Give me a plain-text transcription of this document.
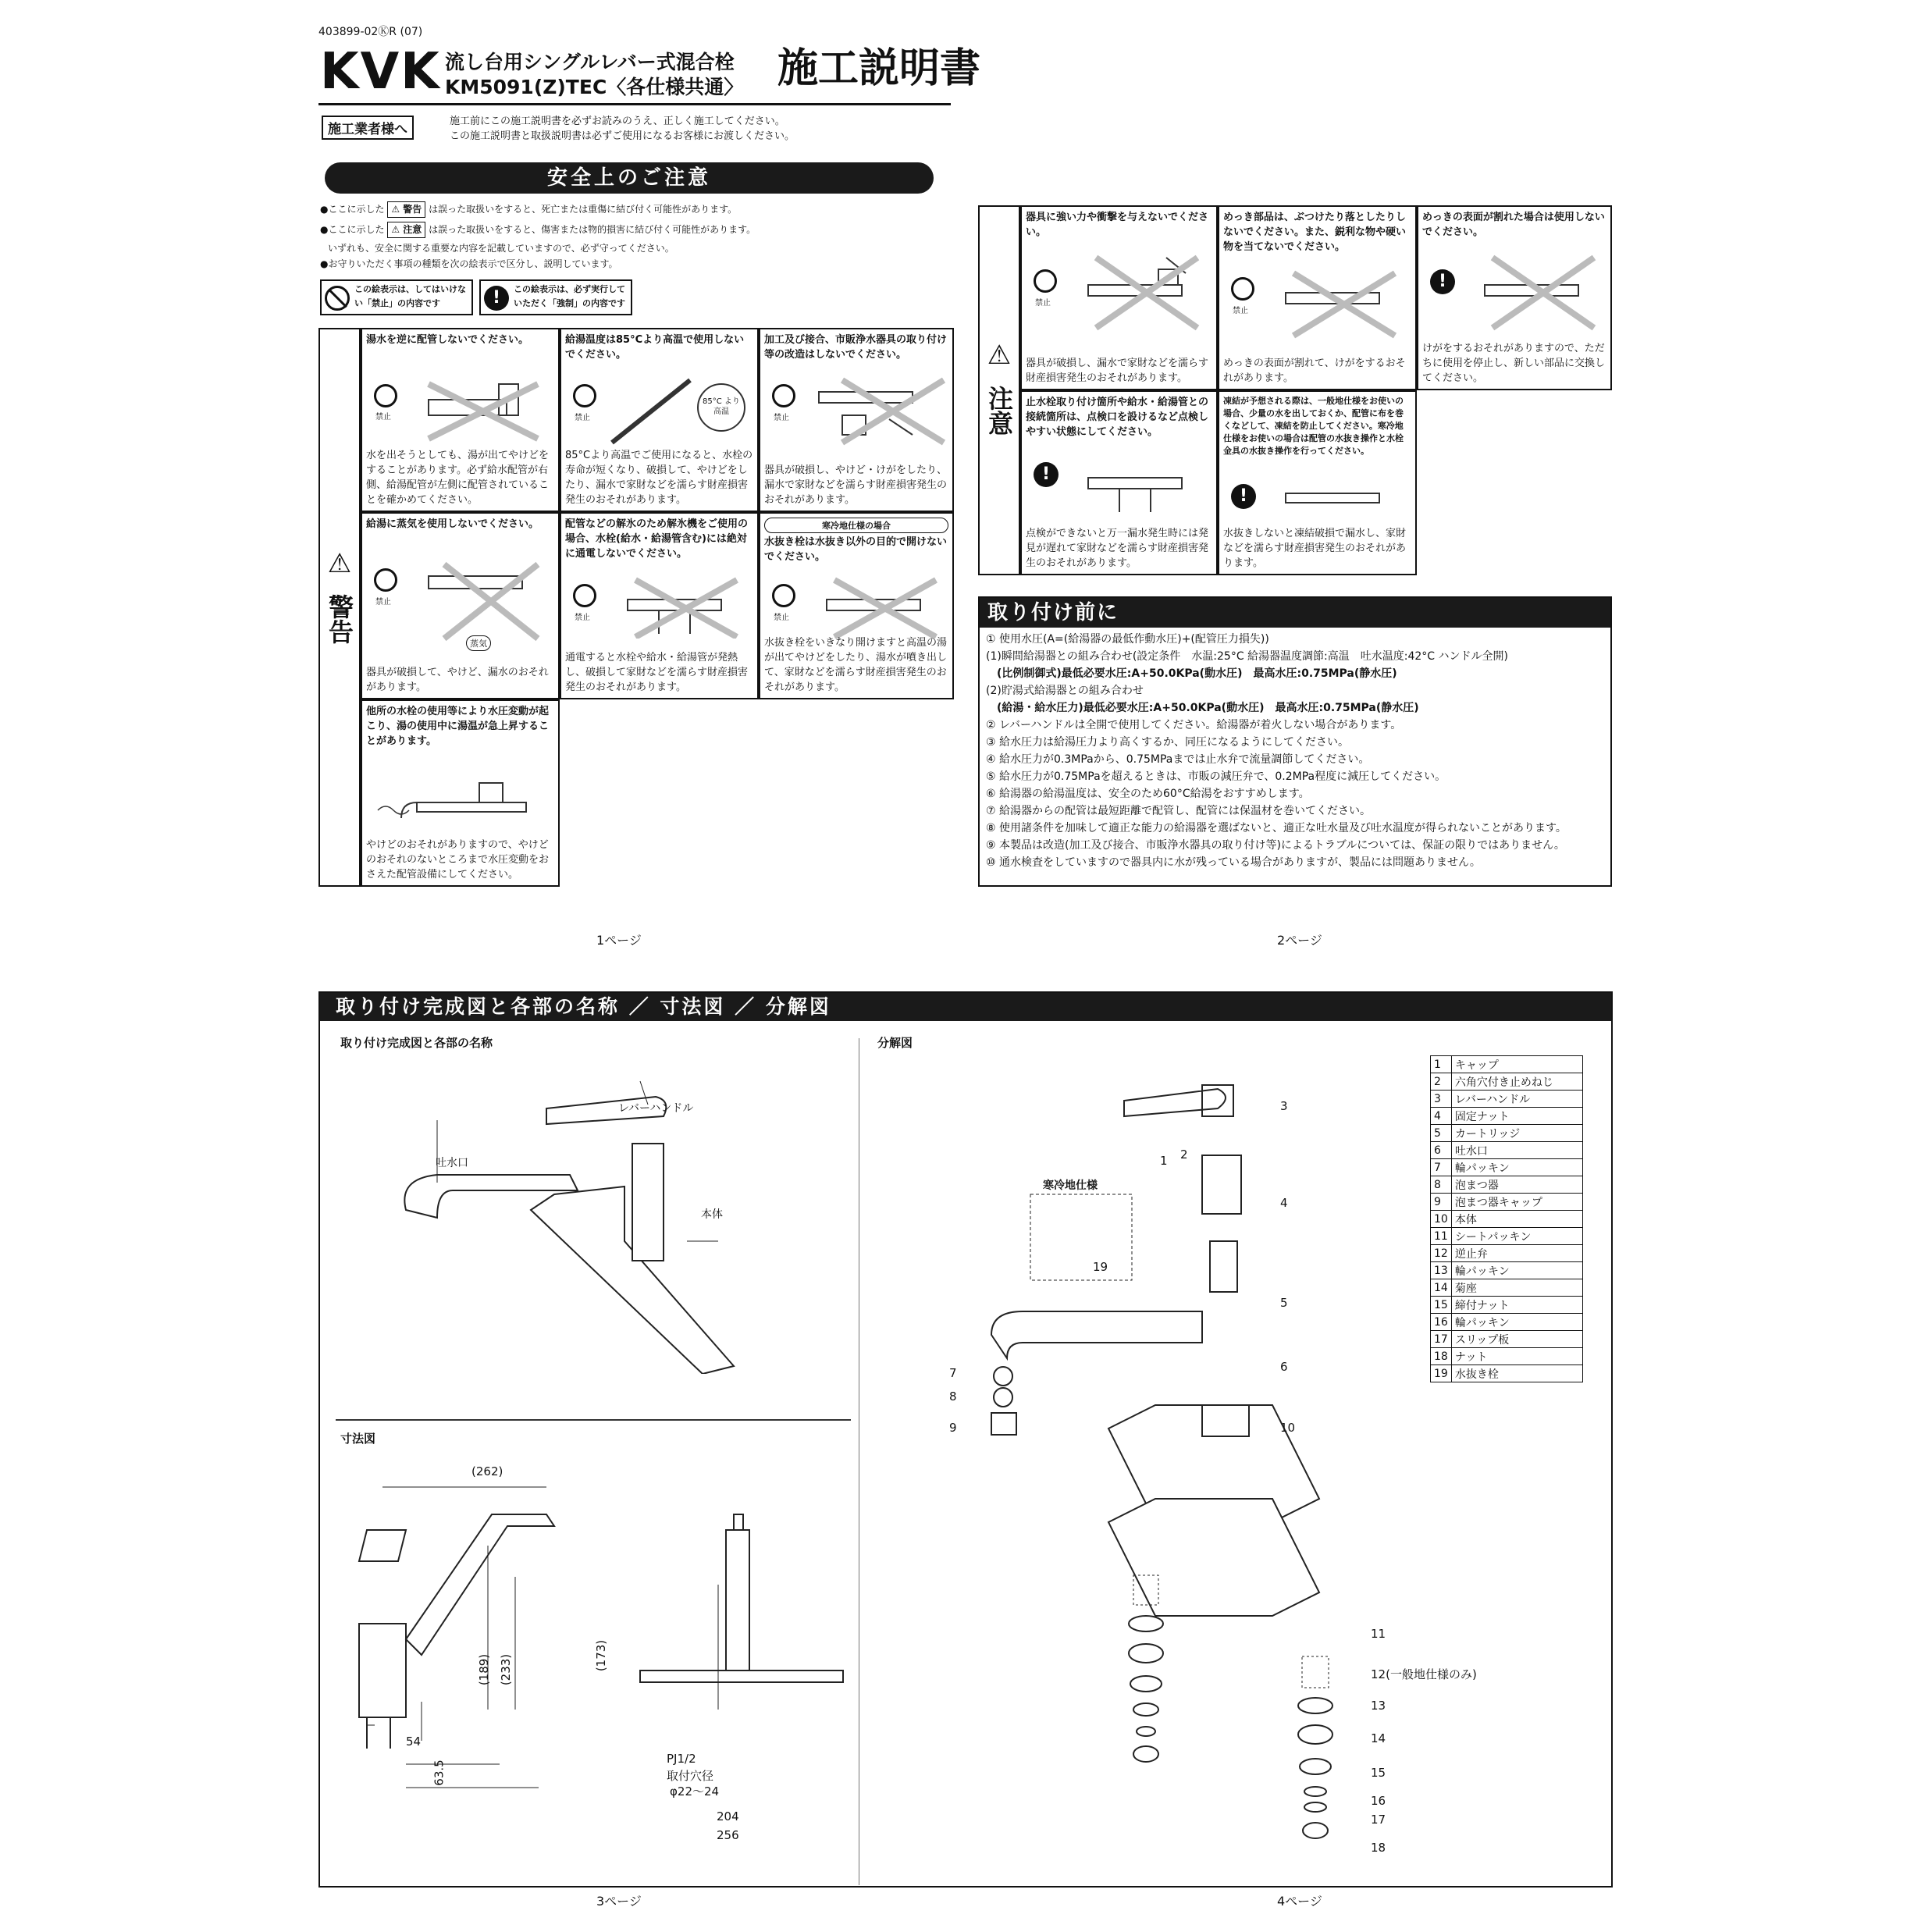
403899-02ⓀR (07)
KVK 流し台用シングルレバー式混合栓
KM5091(Z)TEC〈各仕様共通〉 施工説明書
施工業者様へ
施工前にこの施工説明書を必ずお読みのうえ、正しく施工してください。
この施工説明書と取扱説明書は必ずご使用になるお客様にお渡しください。
安全上のご注意
●ここに示した ⚠ 警告 は誤った取扱いをすると、死亡または重傷に結び付く可能性があります。
●ここに示した ⚠ 注意 は誤った取扱いをすると、傷害または物的損害に結び付く可能性があります。
いずれも、安全に関する重要な内容を記載していますので、必ず守ってください。
●お守りいただく事項の種類を次の絵表示で区分し、説明しています。
この絵表示は、してはいけない「禁止」の内容です	!	この絵表示は、必ず実行していただく「強制」の内容です
⚠
警告
湯水を逆に配管しないでください。
禁止
水を出そうとしても、湯が出てやけどをすることがあります。必ず給水配管が右側、給湯配管が左側に配管されていることを確かめてください。
給湯温度は85°Cより高温で使用しないでください。
禁止
85°C より高温
85°Cより高温でご使用になると、水栓の寿命が短くなり、破損して、やけどをしたり、漏水で家財などを濡らす財産損害発生のおそれがあります。
加工及び接合、市販浄水器具の取り付け等の改造はしないでください。
禁止
器具が破損し、やけど・けがをしたり、漏水で家財などを濡らす財産損害発生のおそれがあります。
給湯に蒸気を使用しないでください。
禁止
蒸気
器具が破損して、やけど、漏水のおそれがあります。
配管などの解氷のため解氷機をご使用の場合、水栓(給水・給湯管含む)には絶対に通電しないでください。
禁止
通電すると水栓や給水・給湯管が発熱し、破損して家財などを濡らす財産損害発生のおそれがあります。
寒冷地仕様の場合
水抜き栓は水抜き以外の目的で開けないでください。
禁止
水抜き栓をいきなり開けますと高温の湯が出てやけどをしたり、湯水が噴き出して、家財などを濡らす財産損害発生のおそれがあります。
他所の水栓の使用等により水圧変動が起こり、湯の使用中に湯温が急上昇することがあります。
やけどのおそれがありますので、やけどのおそれのないところまで水圧変動をおさえた配管設備にしてください。
⚠
注意
器具に強い力や衝撃を与えないでください。
禁止
器具が破損し、漏水で家財などを濡らす財産損害発生のおそれがあります。
めっき部品は、ぶつけたり落としたりしないでください。また、鋭利な物や硬い物を当てないでください。
禁止
めっきの表面が割れて、けがをするおそれがあります。
めっきの表面が割れた場合は使用しないでください。
!
けがをするおそれがありますので、ただちに使用を停止し、新しい部品に交換してください。
止水栓取り付け箇所や給水・給湯管との接続箇所は、点検口を設けるなど点検しやすい状態にしてください。
!
点検ができないと万一漏水発生時には発見が遅れて家財などを濡らす財産損害発生のおそれがあります。
凍結が予想される際は、一般地仕様をお使いの場合、少量の水を出しておくか、配管に布を巻くなどして、凍結を防止してください。寒冷地仕様をお使いの場合は配管の水抜き操作と水栓金具の水抜き操作を行ってください。
!
水抜きしないと凍結破損で漏水し、家財などを濡らす財産損害発生のおそれがあります。
取り付け前に
① 使用水圧(A=(給湯器の最低作動水圧)+(配管圧力損失))
(1)瞬間給湯器との組み合わせ(設定条件　水温:25°C 給湯器温度調節:高温　吐水温度:42°C ハンドル全開)
　(比例制御式)最低必要水圧:A+50.0KPa(動水圧)　最高水圧:0.75MPa(静水圧)
(2)貯湯式給湯器との組み合わせ
　(給湯・給水圧力)最低必要水圧:A+50.0KPa(動水圧)　最高水圧:0.75MPa(静水圧)
② レバーハンドルは全開で使用してください。給湯器が着火しない場合があります。
③ 給水圧力は給湯圧力より高くするか、同圧になるようにしてください。
④ 給水圧力が0.3MPaから、0.75MPaまでは止水弁で流量調節してください。
⑤ 給水圧力が0.75MPaを超えるときは、市販の減圧弁で、0.2MPa程度に減圧してください。
⑥ 給湯器の給湯温度は、安全のため60°C給湯をおすすめします。
⑦ 給湯器からの配管は最短距離で配管し、配管には保温材を巻いてください。
⑧ 使用諸条件を加味して適正な能力の給湯器を選ばないと、適正な吐水量及び吐水温度が得られないことがあります。
⑨ 本製品は改造(加工及び接合、市販浄水器具の取り付け等)によるトラブルについては、保証の限りではありません。
⑩ 通水検査をしていますので器具内に水が残っている場合がありますが、製品には問題ありません。
1ページ	2ページ
取り付け完成図と各部の名称 ／ 寸法図 ／ 分解図
取り付け完成図と各部の名称
レバーハンドル
吐水口
本体
寸法図
(262)
(189) (233)	(173)
54
63.5
PJ1/2
取付穴径
φ22〜24
204
256
分解図
寒冷地仕様
1 2
3
4
5
6
7
8
9	10
11
12(一般地仕様のみ)
13
14
15
16
17
18
19
1	キャップ
2	六角穴付き止めねじ
3	レバーハンドル
4	固定ナット
5	カートリッジ
6	吐水口
7	輪パッキン
8	泡まつ器
9	泡まつ器キャップ
10	本体
11	シートパッキン
12	逆止弁
13	輪パッキン
14	菊座
15	締付ナット
16	輪パッキン
17	スリップ板
18	ナット
19	水抜き栓
3ページ	4ページ
